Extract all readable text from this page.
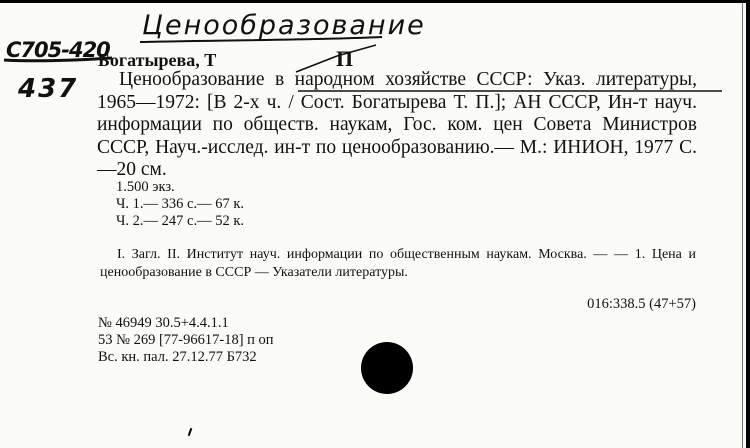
Ценообразование
С705-420
437
Богатырева, Т	П
Ценообразование в народном хозяйстве СССР: Указ. литературы, 1965—1972: [В 2-х ч. / Сост. Богатырева Т. П.]; АН СССР, Ин-т науч. информации по обществ. наукам, Гос. ком. цен Совета Министров СССР, Науч.-исслед. ин-т по ценообразованию.— М.: ИНИОН, 1977 С.—20 см.
1.500 экз.
Ч. 1.— 336 с.— 67 к.
Ч. 2.— 247 с.— 52 к.
I. Загл. II. Институт науч. информации по общественным наукам. Москва. — — 1. Цена и ценообразование в СССР — Указатели литературы.
016:338.5 (47+57)
№ 46949 30.5+4.4.1.1
53 № 269 [77-96617-18] п оп
Вс. кн. пал. 27.12.77 Б732
